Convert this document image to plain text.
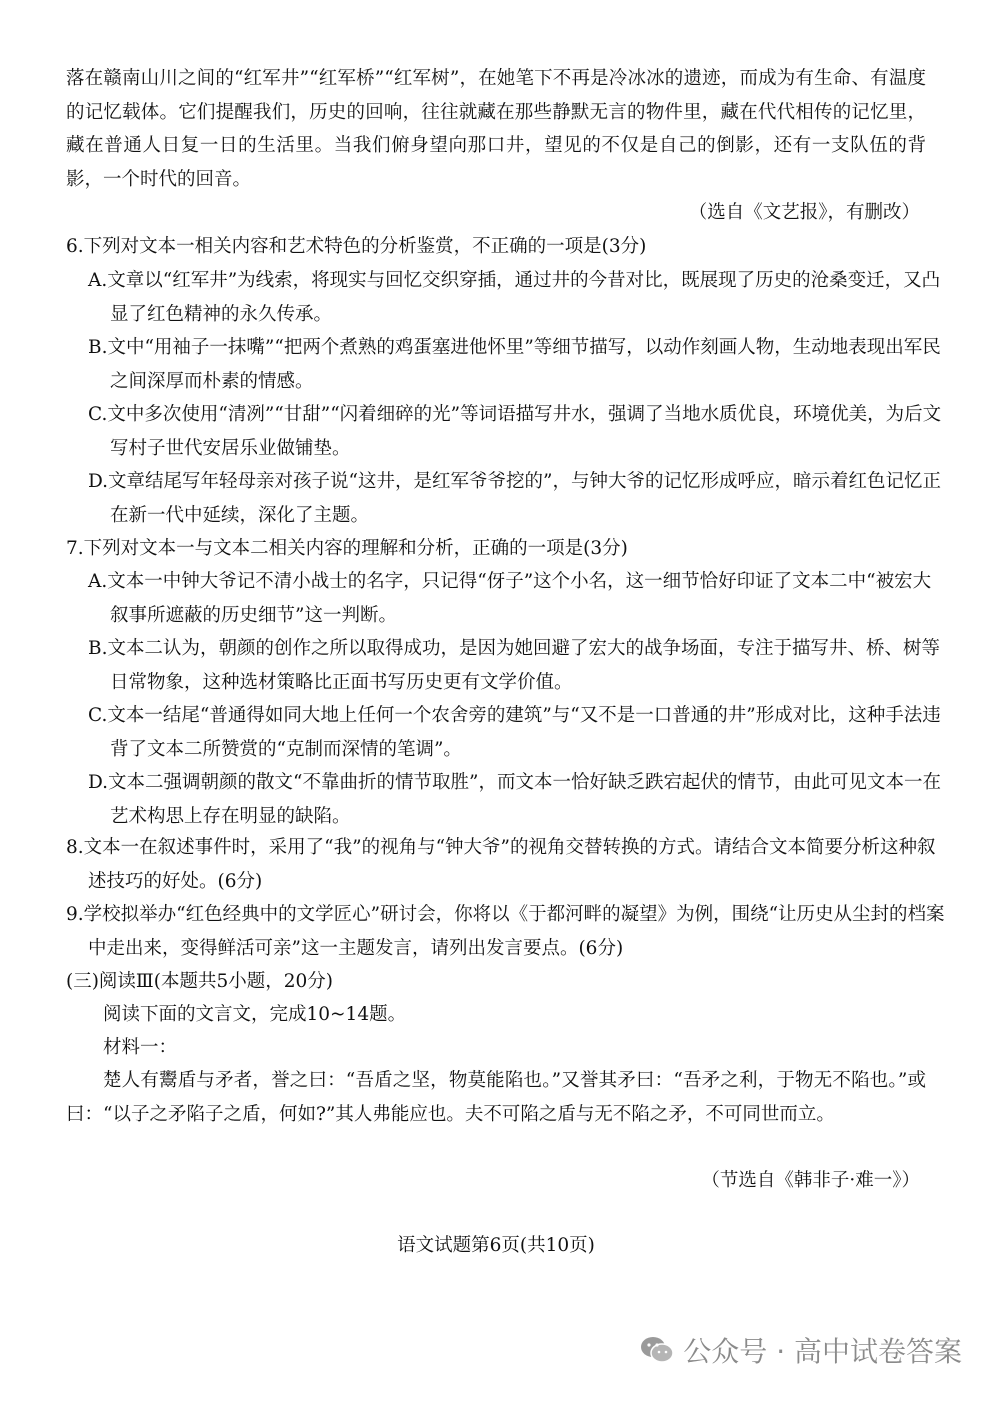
落在赣南山川之间的“红军井”“红军桥”“红军树”，在她笔下不再是冷冰冰的遗迹，而成为有生命、有温度的记忆载体。它们提醒我们，历史的回响，往往就藏在那些静默无言的物件里，藏在代代相传的记忆里，藏在普通人日复一日的生活里。当我们俯身望向那口井，望见的不仅是自己的倒影，还有一支队伍的背影，一个时代的回音。

（选自《文艺报》，有删改）

6.下列对文本一相关内容和艺术特色的分析鉴赏，不正确的一项是(3分)

A.文章以“红军井”为线索，将现实与回忆交织穿插，通过井的今昔对比，既展现了历史的沧桑变迁，又凸显了红色精神的永久传承。

B.文中“用袖子一抹嘴”“把两个煮熟的鸡蛋塞进他怀里”等细节描写，以动作刻画人物，生动地表现出军民之间深厚而朴素的情感。

C.文中多次使用“清冽”“甘甜”“闪着细碎的光”等词语描写井水，强调了当地水质优良，环境优美，为后文写村子世代安居乐业做铺垫。

D.文章结尾写年轻母亲对孩子说“这井，是红军爷爷挖的”，与钟大爷的记忆形成呼应，暗示着红色记忆正在新一代中延续，深化了主题。

7.下列对文本一与文本二相关内容的理解和分析，正确的一项是(3分)

A.文本一中钟大爷记不清小战士的名字，只记得“伢子”这个小名，这一细节恰好印证了文本二中“被宏大叙事所遮蔽的历史细节”这一判断。

B.文本二认为，朝颜的创作之所以取得成功，是因为她回避了宏大的战争场面，专注于描写井、桥、树等日常物象，这种选材策略比正面书写历史更有文学价值。

C.文本一结尾“普通得如同大地上任何一个农舍旁的建筑”与“又不是一口普通的井”形成对比，这种手法违背了文本二所赞赏的“克制而深情的笔调”。

D.文本二强调朝颜的散文“不靠曲折的情节取胜”，而文本一恰好缺乏跌宕起伏的情节，由此可见文本一在艺术构思上存在明显的缺陷。

8.文本一在叙述事件时，采用了“我”的视角与“钟大爷”的视角交替转换的方式。请结合文本简要分析这种叙述技巧的好处。(6分)

9.学校拟举办“红色经典中的文学匠心”研讨会，你将以《于都河畔的凝望》为例，围绕“让历史从尘封的档案中走出来，变得鲜活可亲”这一主题发言，请列出发言要点。(6分)

(三)阅读Ⅲ(本题共5小题，20分)

阅读下面的文言文，完成10~14题。

材料一：

楚人有鬻盾与矛者，誉之曰：“吾盾之坚，物莫能陷也。”又誉其矛曰：“吾矛之利，于物无不陷也。”或曰：“以子之矛陷子之盾，何如?”其人弗能应也。夫不可陷之盾与无不陷之矛，不可同世而立。

（节选自《韩非子·难一》）
语文试题第6页(共10页)
公众号 · 高中试卷答案
